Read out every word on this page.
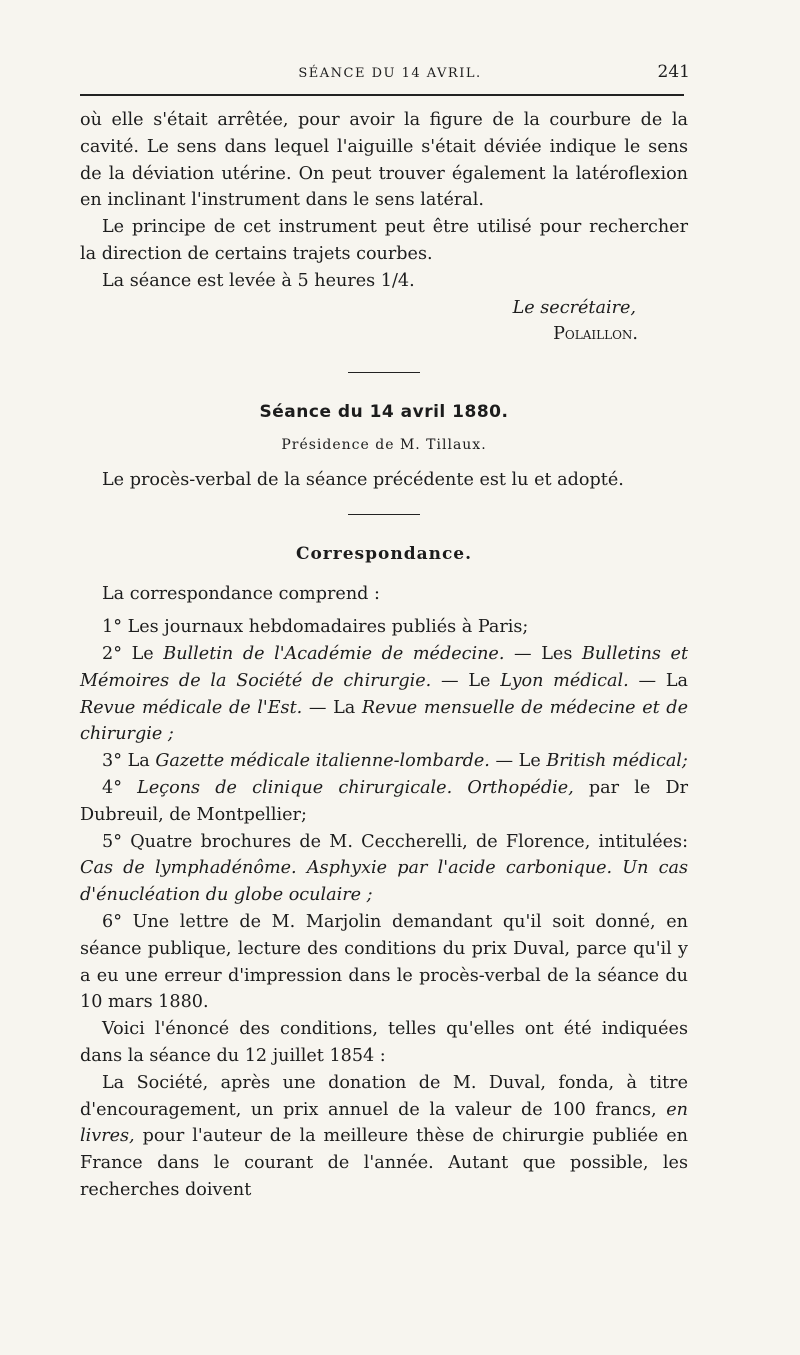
SÉANCE DU 14 AVRIL.	241

où elle s'était arrêtée, pour avoir la figure de la courbure de la cavité. Le sens dans lequel l'aiguille s'était déviée indique le sens de la déviation utérine. On peut trouver également la latéroflexion en inclinant l'instrument dans le sens latéral.

Le principe de cet instrument peut être utilisé pour rechercher la direction de certains trajets courbes.

La séance est levée à 5 heures 1/4.

Le secrétaire,

Polaillon.

Séance du 14 avril 1880.

Présidence de M. Tillaux.

Le procès-verbal de la séance précédente est lu et adopté.

Correspondance.

La correspondance comprend :

1° Les journaux hebdomadaires publiés à Paris;

2° Le Bulletin de l'Académie de médecine. — Les Bulletins et Mémoires de la Société de chirurgie. — Le Lyon médical. — La Revue médicale de l'Est. — La Revue mensuelle de médecine et de chirurgie ;

3° La Gazette médicale italienne-lombarde. — Le British médical;

4° Leçons de clinique chirurgicale. Orthopédie, par le Dr Dubreuil, de Montpellier;

5° Quatre brochures de M. Ceccherelli, de Florence, intitulées: Cas de lymphadénôme. Asphyxie par l'acide carbonique. Un cas d'énucléation du globe oculaire ;

6° Une lettre de M. Marjolin demandant qu'il soit donné, en séance publique, lecture des conditions du prix Duval, parce qu'il y a eu une erreur d'impression dans le procès-verbal de la séance du 10 mars 1880.

Voici l'énoncé des conditions, telles qu'elles ont été indiquées dans la séance du 12 juillet 1854 :

La Société, après une donation de M. Duval, fonda, à titre d'encouragement, un prix annuel de la valeur de 100 francs, en livres, pour l'auteur de la meilleure thèse de chirurgie publiée en France dans le courant de l'année. Autant que possible, les recherches doivent
